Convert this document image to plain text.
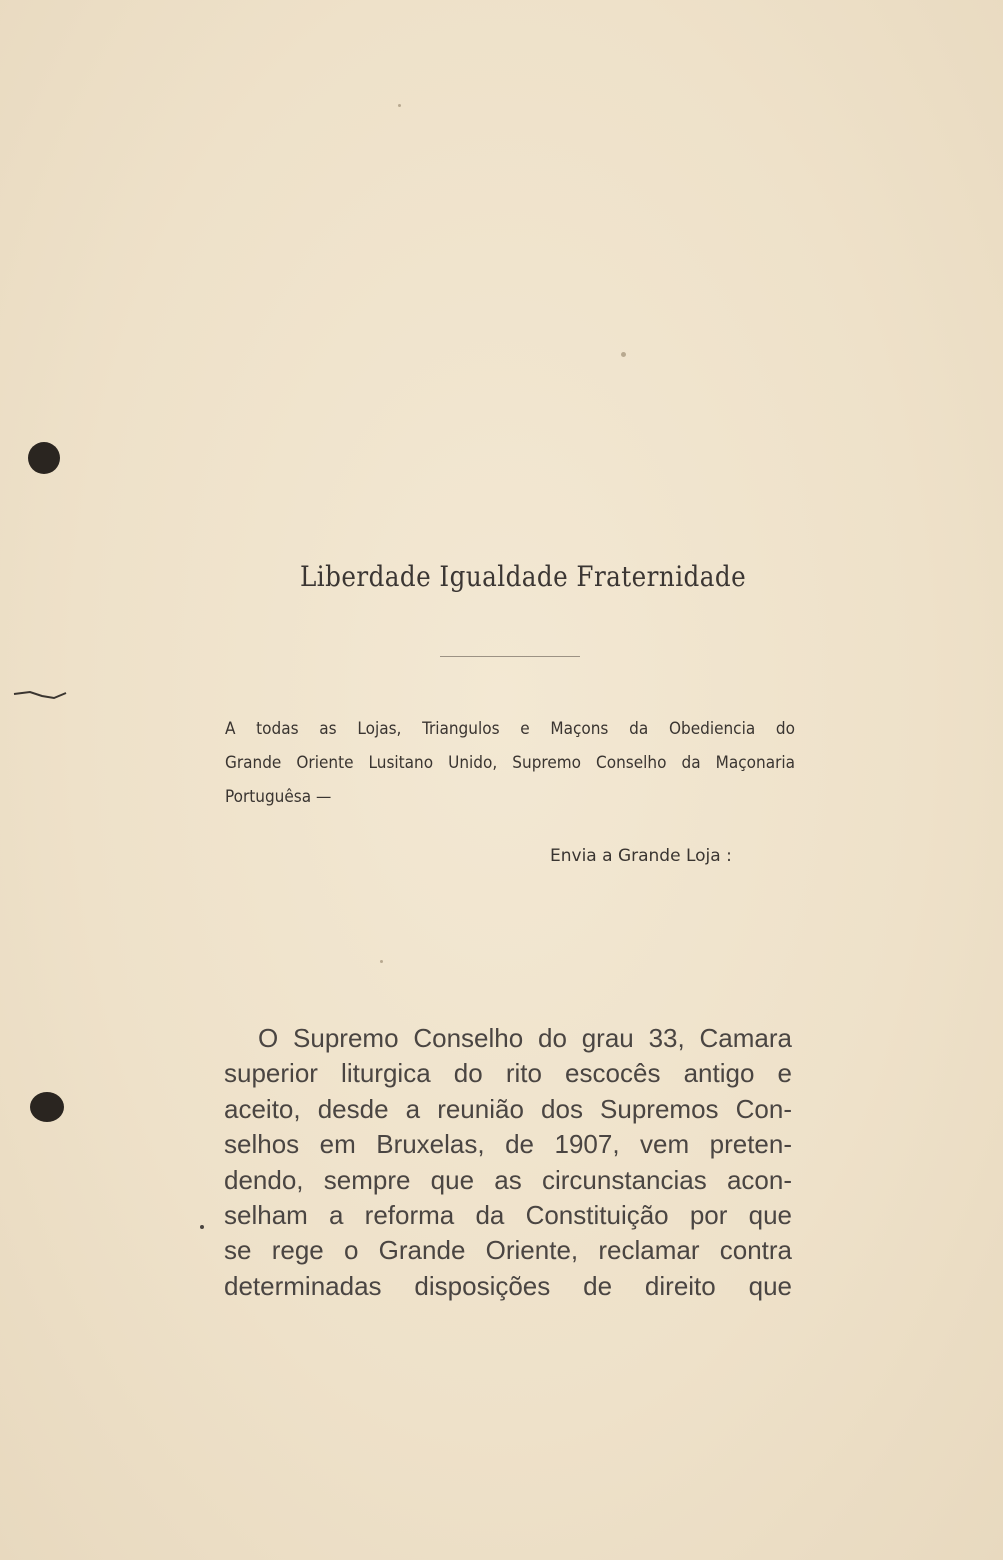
Liberdade Igualdade Fraternidade
A todas as Lojas, Triangulos e Maçons da Obediencia do
Grande Oriente Lusitano Unido, Supremo Conselho da Maçonaria
Portuguêsa —
Envia a Grande Loja :
O Supremo Conselho do grau 33, Camara
superior liturgica do rito escocês antigo e
aceito, desde a reunião dos Supremos Con-
selhos em Bruxelas, de 1907, vem preten-
dendo, sempre que as circunstancias acon-
selham a reforma da Constituição por que
se rege o Grande Oriente, reclamar contra
determinadas disposições de direito que
